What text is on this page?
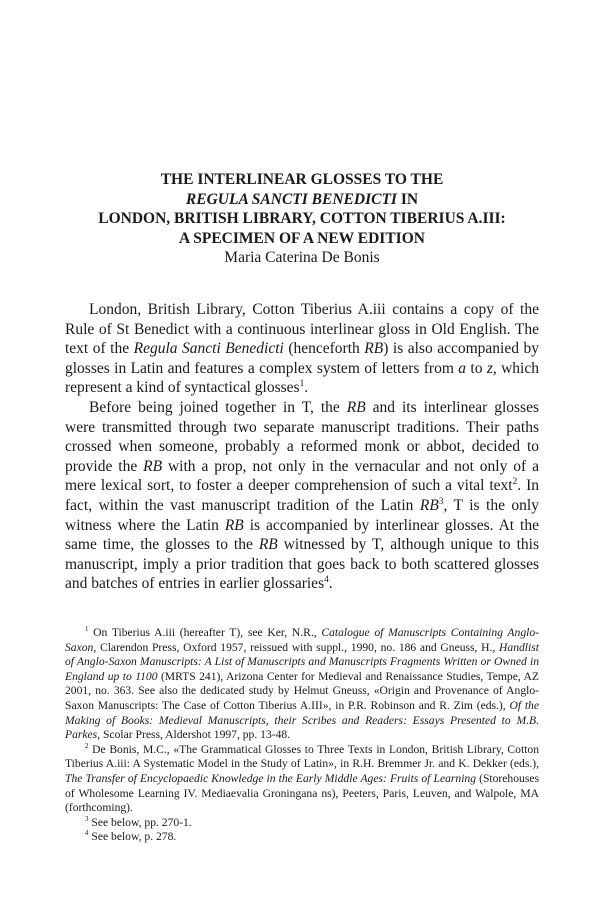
THE INTERLINEAR GLOSSES TO THE
REGULA SANCTI BENEDICTI IN
LONDON, BRITISH LIBRARY, COTTON TIBERIUS A.III:
A SPECIMEN OF A NEW EDITION
Maria Caterina De Bonis

London, British Library, Cotton Tiberius A.iii contains a copy of the Rule of St Benedict with a continuous interlinear gloss in Old English. The text of the Regula Sancti Benedicti (henceforth RB) is also accompanied by glosses in Latin and features a complex system of letters from a to z, which represent a kind of syntactical glosses$^1$.

Before being joined together in T, the RB and its interlinear glosses were transmitted through two separate manuscript traditions. Their paths crossed when someone, probably a reformed monk or abbot, decided to provide the RB with a prop, not only in the vernacular and not only of a mere lexical sort, to foster a deeper comprehension of such a vital text$^2$. In fact, within the vast manuscript tradition of the Latin $RB^3$, T is the only witness where the Latin RB is accompanied by interlinear glosses. At the same time, the glosses to the RB witnessed by T, although unique to this manuscript, imply a prior tradition that goes back to both scattered glosses and batches of entries in earlier glossaries$^4$.

$^1$ On Tiberius A.iii (hereafter T), see Ker, N.R., Catalogue of Manuscripts Containing Anglo-Saxon, Clarendon Press, Oxford 1957, reissued with suppl., 1990, no. 186 and Gneuss, H., Handlist of Anglo-Saxon Manuscripts: A List of Manuscripts and Manuscripts Fragments Written or Owned in England up to 1100 (MRTS 241), Arizona Center for Medieval and Renaissance Studies, Tempe, AZ 2001, no. 363. See also the dedicated study by Helmut Gneuss, «Origin and Provenance of Anglo-Saxon Manuscripts: The Case of Cotton Tiberius A.III», in P.R. Robinson and R. Zim (eds.), Of the Making of Books: Medieval Manuscripts, their Scribes and Readers: Essays Presented to M.B. Parkes, Scolar Press, Aldershot 1997, pp. 13-48.

$^2$ De Bonis, M.C., «The Grammatical Glosses to Three Texts in London, British Library, Cotton Tiberius A.iii: A Systematic Model in the Study of Latin», in R.H. Bremmer Jr. and K. Dekker (eds.), The Transfer of Encyclopaedic Knowledge in the Early Middle Ages: Fruits of Learning (Storehouses of Wholesome Learning IV. Mediaevalia Groningana ns), Peeters, Paris, Leuven, and Walpole, MA (forthcoming).

$^3$ See below, pp. 270-1.

$^4$ See below, p. 278.
